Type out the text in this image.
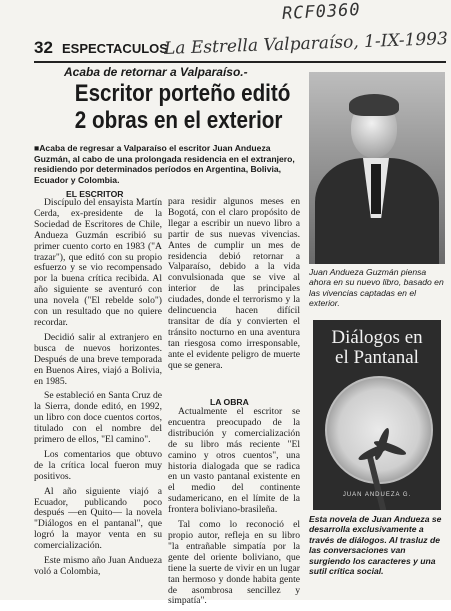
RCF0360
32 ESPECTACULOS
La Estrella Valparaíso, 1-IX-1993
Acaba de retornar a Valparaíso.-
Escritor porteño editó
2 obras en el exterior
■Acaba de regresar a Valparaíso el escritor Juan Andueza Guzmán, al cabo de una prolongada residencia en el extranjero, residiendo por determinados períodos en Argentina, Bolivia, Ecuador y Colombia.
EL ESCRITOR

Discípulo del ensayista Martín Cerda, ex-presidente de la Sociedad de Escritores de Chile, Andueza Guzmán escribió su primer cuento corto en 1983 ("A trazar"), que editó con su propio esfuerzo y se vio recompensado por la buena crítica recibida. Al año siguiente se aventuró con una novela ("El rebelde solo") con un resultado que no quiere recordar.

Decidió salir al extranjero en busca de nuevos horizontes. Después de una breve temporada en Buenos Aires, viajó a Bolivia, en 1985.

Se estableció en Santa Cruz de la Sierra, donde editó, en 1992, un libro con doce cuentos cortos, titulado con el nombre del primero de ellos, "El camino".

Los comentarios que obtuvo de la crítica local fueron muy positivos.

Al año siguiente viajó a Ecuador, publicando poco después —en Quito— la novela "Diálogos en el pantanal", que logró la mayor venta en su comercialización.

Este mismo año Juan Andueza voló a Colombia,

para residir algunos meses en Bogotá, con el claro propósito de llegar a escribir un nuevo libro a partir de sus nuevas vivencias. Antes de cumplir un mes de residencia debió retornar a Valparaíso, debido a la vida convulsionada que se vive al interior de las principales ciudades, donde el terrorismo y la delincuencia hacen difícil transitar de día y convierten el tránsito nocturno en una aventura tan riesgosa como irresponsable, ante el evidente peligro de muerte que se genera.

LA OBRA

Actualmente el escritor se encuentra preocupado de la distribución y comercialización de su libro más reciente "El camino y otros cuentos", una historia dialogada que se radica en un vasto pantanal existente en el medio del continente sudamericano, en el límite de la frontera boliviano-brasileña.

Tal como lo reconoció el propio autor, refleja en su libro "la entrañable simpatía por la gente del oriente boliviano, que tiene la suerte de vivir en un lugar tan hermoso y donde habita gente de asombrosa sencillez y simpatía".

Juan Andueza Guzmán piensa ahora en su nuevo libro, basado en las vivencias captadas en el exterior.
Diálogos en
el Pantanal
JUAN ANDUEZA G.
Esta novela de Juan Andueza se desarrolla exclusivamente a través de diálogos. Al trasluz de las conversaciones van surgiendo los caracteres y una sutil crítica social.
